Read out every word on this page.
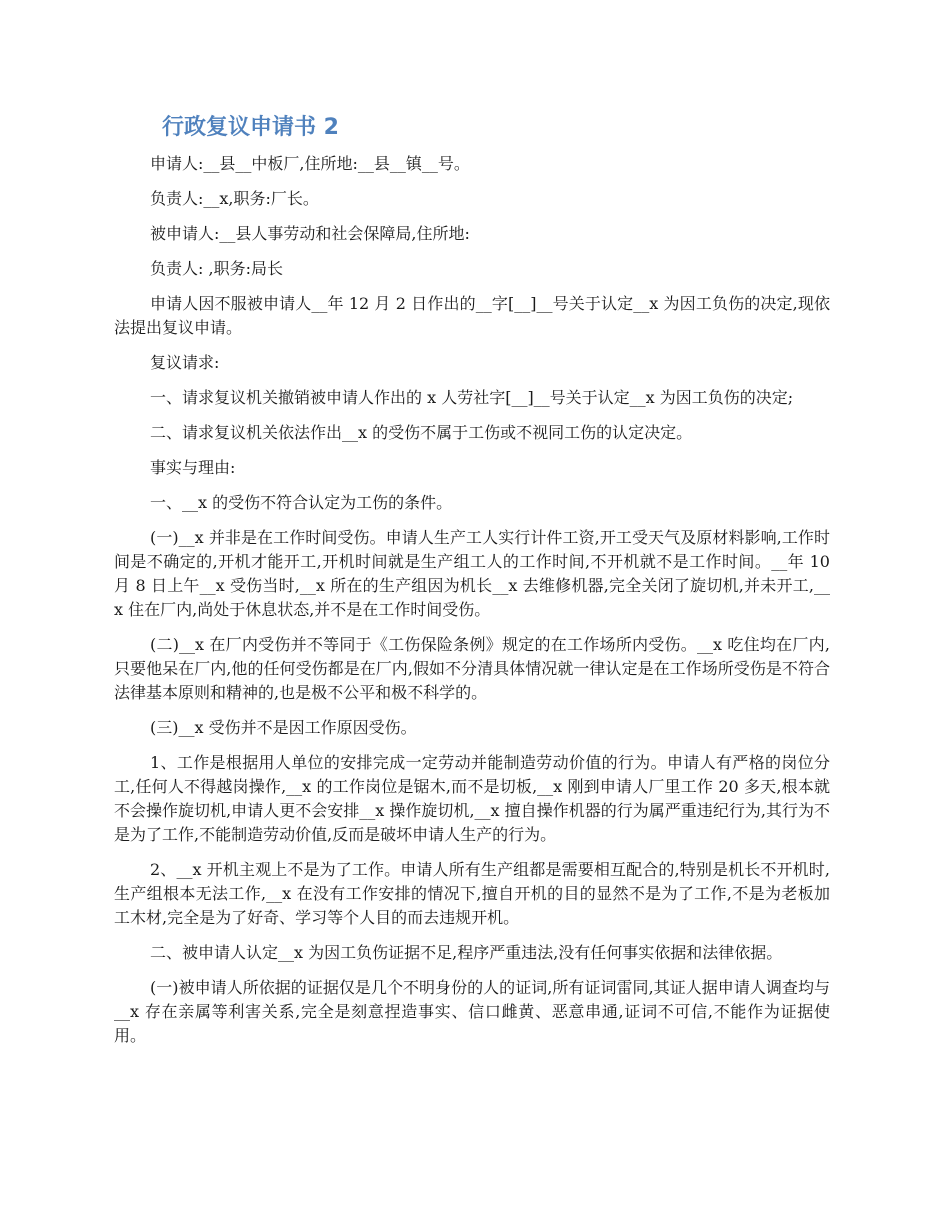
行政复议申请书 2

申请人:__县__中板厂,住所地:__县__镇__号。

负责人:__x,职务:厂长。

被申请人:__县人事劳动和社会保障局,住所地:

负责人: ,职务:局长

申请人因不服被申请人__年 12 月 2 日作出的__字[__]__号关于认定__x 为因工负伤的决定,现依法提出复议申请。

复议请求:

一、请求复议机关撤销被申请人作出的 x 人劳社字[__]__号关于认定__x 为因工负伤的决定;

二、请求复议机关依法作出__x 的受伤不属于工伤或不视同工伤的认定决定。

事实与理由:

一、__x 的受伤不符合认定为工伤的条件。

(一)__x 并非是在工作时间受伤。申请人生产工人实行计件工资,开工受天气及原材料影响,工作时间是不确定的,开机才能开工,开机时间就是生产组工人的工作时间,不开机就不是工作时间。__年 10 月 8 日上午__x 受伤当时,__x 所在的生产组因为机长__x 去维修机器,完全关闭了旋切机,并未开工,__x 住在厂内,尚处于休息状态,并不是在工作时间受伤。

(二)__x 在厂内受伤并不等同于《工伤保险条例》规定的在工作场所内受伤。__x 吃住均在厂内,只要他呆在厂内,他的任何受伤都是在厂内,假如不分清具体情况就一律认定是在工作场所受伤是不符合法律基本原则和精神的,也是极不公平和极不科学的。

(三)__x 受伤并不是因工作原因受伤。

1、工作是根据用人单位的安排完成一定劳动并能制造劳动价值的行为。申请人有严格的岗位分工,任何人不得越岗操作,__x 的工作岗位是锯木,而不是切板,__x 刚到申请人厂里工作 20 多天,根本就不会操作旋切机,申请人更不会安排__x 操作旋切机,__x 擅自操作机器的行为属严重违纪行为,其行为不是为了工作,不能制造劳动价值,反而是破坏申请人生产的行为。

2、__x 开机主观上不是为了工作。申请人所有生产组都是需要相互配合的,特别是机长不开机时,生产组根本无法工作,__x 在没有工作安排的情况下,擅自开机的目的显然不是为了工作,不是为老板加工木材,完全是为了好奇、学习等个人目的而去违规开机。

二、被申请人认定__x 为因工负伤证据不足,程序严重违法,没有任何事实依据和法律依据。

(一)被申请人所依据的证据仅是几个不明身份的人的证词,所有证词雷同,其证人据申请人调查均与__x 存在亲属等利害关系,完全是刻意捏造事实、信口雌黄、恶意串通,证词不可信,不能作为证据使用。
